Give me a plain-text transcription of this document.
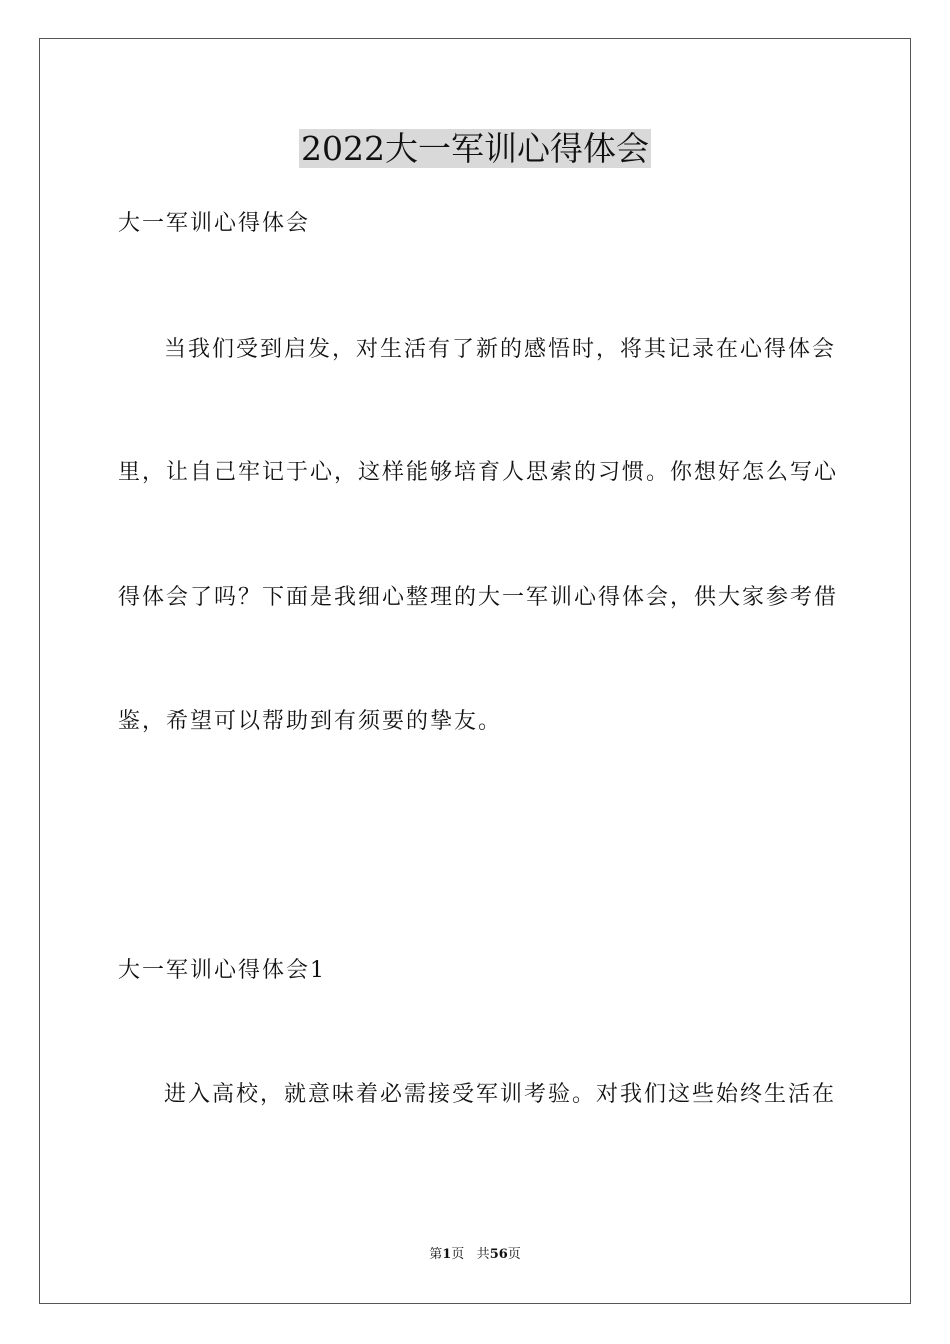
2022大一军训心得体会
大一军训心得体会
当我们受到启发，对生活有了新的感悟时，将其记录在心得体会
里，让自己牢记于心，这样能够培育人思索的习惯。你想好怎么写心
得体会了吗？下面是我细心整理的大一军训心得体会，供大家参考借
鉴，希望可以帮助到有须要的挚友。
大一军训心得体会1
进入高校，就意味着必需接受军训考验。对我们这些始终生活在
第1页 共56页
